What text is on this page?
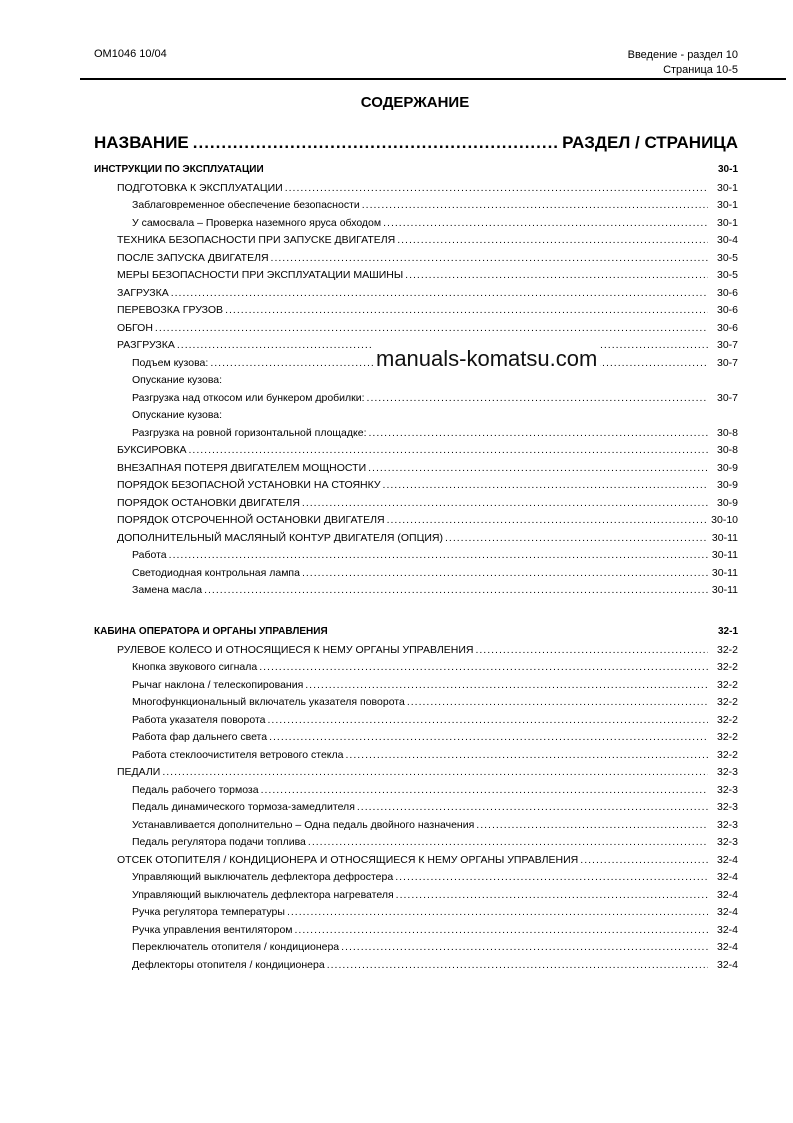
OM1046 10/04	Введение - раздел 10
Страница 10-5
СОДЕРЖАНИЕ
НАЗВАНИЕ .....	РАЗДЕЛ / СТРАНИЦА
ИНСТРУКЦИИ ПО ЭКСПЛУАТАЦИИ	30-1
ПОДГОТОВКА К ЭКСПЛУАТАЦИИ .....	30-1
Заблаговременное обеспечение безопасности .....	30-1
У самосвала – Проверка наземного яруса обходом .....	30-1
ТЕХНИКА БЕЗОПАСНОСТИ ПРИ ЗАПУСКЕ ДВИГАТЕЛЯ .....	30-4
ПОСЛЕ ЗАПУСКА ДВИГАТЕЛЯ .....	30-5
МЕРЫ БЕЗОПАСНОСТИ ПРИ ЭКСПЛУАТАЦИИ МАШИНЫ .....	30-5
ЗАГРУЗКА .....	30-6
ПЕРЕВОЗКА ГРУЗОВ .....	30-6
ОБГОН .....	30-6
РАЗГРУЗКА .....	30-7
Подъем кузова: .....	30-7
Опускание кузова:
Разгрузка над откосом или бункером дробилки: .....	30-7
Опускание кузова:
Разгрузка на ровной горизонтальной площадке: .....	30-8
БУКСИРОВКА .....	30-8
ВНЕЗАПНАЯ ПОТЕРЯ ДВИГАТЕЛЕМ МОЩНОСТИ .....	30-9
ПОРЯДОК БЕЗОПАСНОЙ УСТАНОВКИ НА СТОЯНКУ .....	30-9
ПОРЯДОК ОСТАНОВКИ ДВИГАТЕЛЯ .....	30-9
ПОРЯДОК ОТСРОЧЕННОЙ ОСТАНОВКИ ДВИГАТЕЛЯ .....	30-10
ДОПОЛНИТЕЛЬНЫЙ МАСЛЯНЫЙ КОНТУР ДВИГАТЕЛЯ (ОПЦИЯ) .....	30-11
Работа .....	30-11
Светодиодная контрольная лампа .....	30-11
Замена масла .....	30-11
КАБИНА ОПЕРАТОРА И ОРГАНЫ УПРАВЛЕНИЯ	32-1
РУЛЕВОЕ КОЛЕСО И ОТНОСЯЩИЕСЯ К НЕМУ ОРГАНЫ УПРАВЛЕНИЯ .....	32-2
Кнопка звукового сигнала .....	32-2
Рычаг наклона / телескопирования .....	32-2
Многофункциональный включатель указателя поворота .....	32-2
Работа указателя поворота .....	32-2
Работа фар дальнего света .....	32-2
Работа стеклоочистителя ветрового стекла .....	32-2
ПЕДАЛИ .....	32-3
Педаль рабочего тормоза .....	32-3
Педаль динамического тормоза-замедлителя .....	32-3
Устанавливается дополнительно – Одна педаль двойного назначения .....	32-3
Педаль регулятора подачи топлива .....	32-3
ОТСЕК ОТОПИТЕЛЯ / КОНДИЦИОНЕРА И ОТНОСЯЩИЕСЯ К НЕМУ ОРГАНЫ УПРАВЛЕНИЯ .....	32-4
Управляющий выключатель дефлектора дефростера .....	32-4
Управляющий выключатель дефлектора нагревателя .....	32-4
Ручка регулятора температуры .....	32-4
Ручка управления вентилятором .....	32-4
Переключатель отопителя / кондиционера .....	32-4
Дефлекторы отопителя / кондиционера .....	32-4
manuals-komatsu.com
